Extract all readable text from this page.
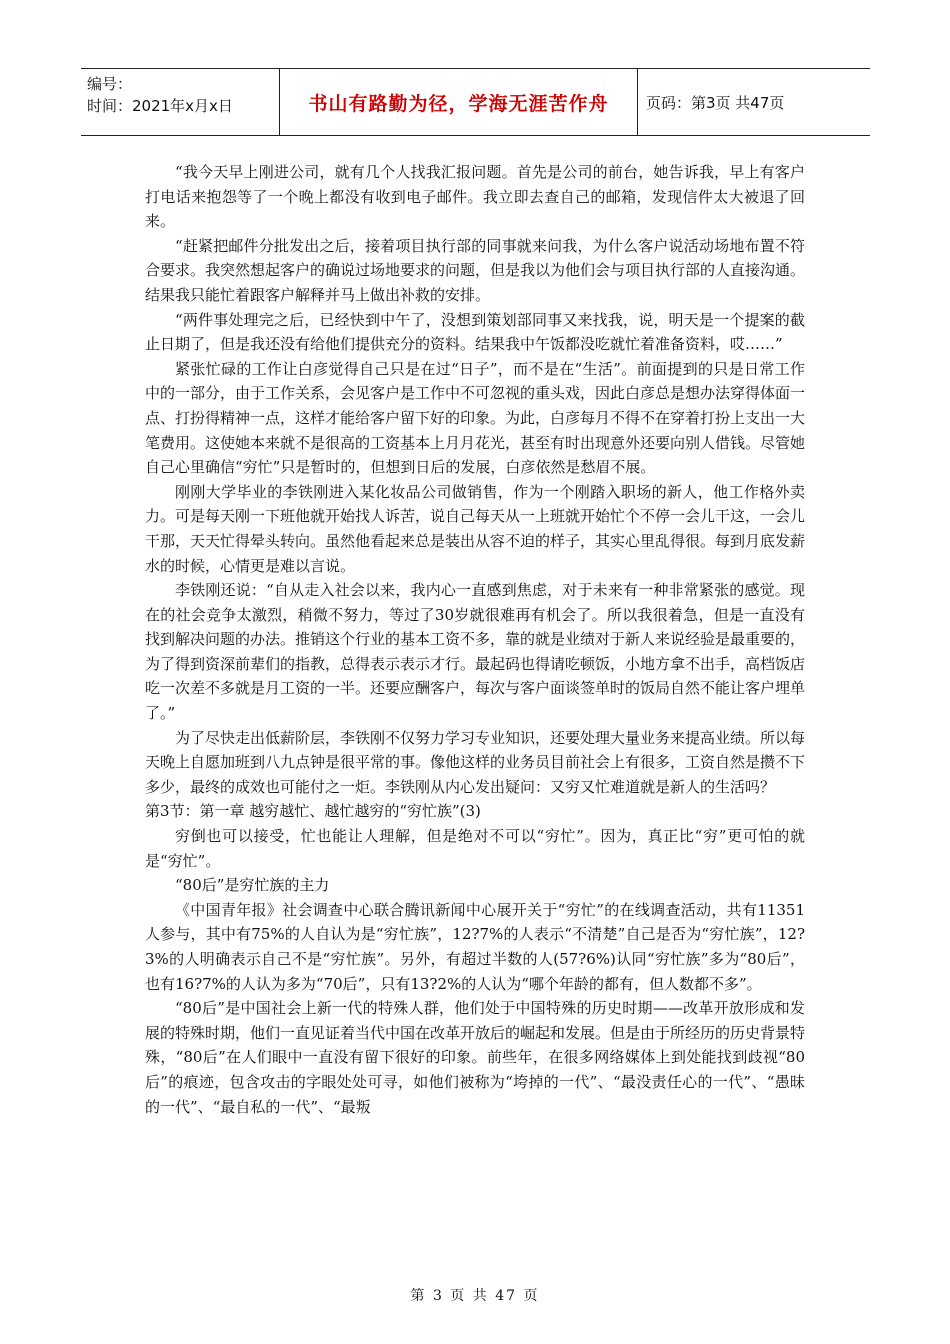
编号：
时间：2021年x月x日	书山有路勤为径，学海无涯苦作舟	页码：第3页 共47页

“我今天早上刚进公司，就有几个人找我汇报问题。首先是公司的前台，她告诉我，早上有客户打电话来抱怨等了一个晚上都没有收到电子邮件。我立即去查自己的邮箱，发现信件太大被退了回来。

“赶紧把邮件分批发出之后，接着项目执行部的同事就来问我，为什么客户说活动场地布置不符合要求。我突然想起客户的确说过场地要求的问题，但是我以为他们会与项目执行部的人直接沟通。结果我只能忙着跟客户解释并马上做出补救的安排。

“两件事处理完之后，已经快到中午了，没想到策划部同事又来找我，说，明天是一个提案的截止日期了，但是我还没有给他们提供充分的资料。结果我中午饭都没吃就忙着准备资料，哎……”

紧张忙碌的工作让白彦觉得自己只是在过“日子”，而不是在“生活”。前面提到的只是日常工作中的一部分，由于工作关系，会见客户是工作中不可忽视的重头戏，因此白彦总是想办法穿得体面一点、打扮得精神一点，这样才能给客户留下好的印象。为此，白彦每月不得不在穿着打扮上支出一大笔费用。这使她本来就不是很高的工资基本上月月花光，甚至有时出现意外还要向别人借钱。尽管她自己心里确信“穷忙”只是暂时的，但想到日后的发展，白彦依然是愁眉不展。

刚刚大学毕业的李铁刚进入某化妆品公司做销售，作为一个刚踏入职场的新人，他工作格外卖力。可是每天刚一下班他就开始找人诉苦，说自己每天从一上班就开始忙个不停一会儿干这，一会儿干那，天天忙得晕头转向。虽然他看起来总是装出从容不迫的样子，其实心里乱得很。每到月底发薪水的时候，心情更是难以言说。

李铁刚还说：“自从走入社会以来，我内心一直感到焦虑，对于未来有一种非常紧张的感觉。现在的社会竞争太激烈，稍微不努力，等过了30岁就很难再有机会了。所以我很着急，但是一直没有找到解决问题的办法。推销这个行业的基本工资不多，靠的就是业绩对于新人来说经验是最重要的，为了得到资深前辈们的指教，总得表示表示才行。最起码也得请吃顿饭，小地方拿不出手，高档饭店吃一次差不多就是月工资的一半。还要应酬客户，每次与客户面谈签单时的饭局自然不能让客户埋单了。”

为了尽快走出低薪阶层，李铁刚不仅努力学习专业知识，还要处理大量业务来提高业绩。所以每天晚上自愿加班到八九点钟是很平常的事。像他这样的业务员目前社会上有很多，工资自然是攒不下多少，最终的成效也可能付之一炬。李铁刚从内心发出疑问：又穷又忙难道就是新人的生活吗？

第3节：第一章 越穷越忙、越忙越穷的“穷忙族”(3)

穷倒也可以接受，忙也能让人理解，但是绝对不可以“穷忙”。因为，真正比“穷”更可怕的就是“穷忙”。

“80后”是穷忙族的主力

《中国青年报》社会调查中心联合腾讯新闻中心展开关于“穷忙”的在线调查活动，共有11351人参与，其中有75%的人自认为是“穷忙族”，12?7%的人表示“不清楚”自己是否为“穷忙族”，12?3%的人明确表示自己不是“穷忙族”。另外，有超过半数的人(57?6%)认同“穷忙族”多为“80后”，也有16?7%的人认为多为“70后”，只有13?2%的人认为“哪个年龄的都有，但人数都不多”。

“80后”是中国社会上新一代的特殊人群，他们处于中国特殊的历史时期——改革开放形成和发展的特殊时期，他们一直见证着当代中国在改革开放后的崛起和发展。但是由于所经历的历史背景特殊，“80后”在人们眼中一直没有留下很好的印象。前些年，在很多网络媒体上到处能找到歧视“80后”的痕迹，包含攻击的字眼处处可寻，如他们被称为“垮掉的一代”、“最没责任心的一代”、“愚昧的一代”、“最自私的一代”、“最叛

第 3 页 共 47 页
